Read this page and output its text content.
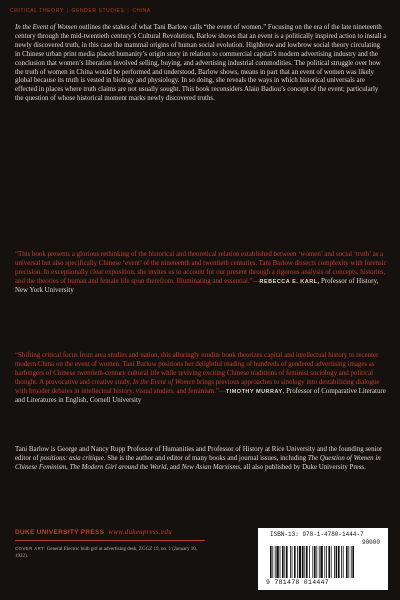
CRITICAL THEORY | GENDER STUDIES | CHINA

In the Event of Women outlines the stakes of what Tani Barlow calls “the event of women.” Focusing on the era of the late nineteenth century through the mid-twentieth century’s Cultural Revolution, Barlow shows that an event is a politically inspired action to install a newly discovered truth, in this case the mammal origins of human social evolution. Highbrow and lowbrow social theory circulating in Chinese urban print media placed humanity’s origin story in relation to commercial capital’s modern advertising industry and the conclusion that women’s liberation involved selling, buying, and advertising industrial commodities. The political struggle over how the truth of women in China would be performed and understood, Barlow shows, means in part that an event of women was likely global because its truth is vested in biology and physiology. In so doing, she reveals the ways in which historical universals are effected in places where truth claims are not usually sought. This book reconsiders Alain Badiou’s concept of the event; particularly the question of whose historical moment marks newly discovered truths.

“This book presents a glorious rethinking of the historical and theoretical relation established between ‘women’ and social ‘truth’ as a universal but also specifically Chinese ‘event’ of the nineteenth and twentieth centuries. Tani Barlow dissects complexity with forensic precision. In exceptionally clear exposition, she invites us to account for our present through a rigorous analysis of concepts, histories, and the theories of human and female life spun therefrom. Illuminating and essential.”—REBECCA E. KARL, Professor of History, New York University

“Shifting critical focus from area studies and nation, this alluringly erudite book theorizes capital and intellectual history to recenter modern China on the event of women. Tani Barlow positions her delightful reading of hundreds of gendered advertising images as harbingers of Chinese twentieth-century cultural life while reviving exciting Chinese traditions of feminist sociology and political thought. A provocative and creative study, In the Event of Women brings previous approaches to sinology into destabilizing dialogue with broader debates in intellectual history, visual studies, and feminism.”—TIMOTHY MURRAY, Professor of Comparative Literature and Literatures in English, Cornell University

Tani Barlow is George and Nancy Rupp Professor of Humanities and Professor of History at Rice University and the founding senior editor of positions: asia critique. She is the author and editor of many books and journal issues, including The Question of Women in Chinese Feminism, The Modern Girl around the World, and New Asian Marxisms, all also published by Duke University Press.

DUKE UNIVERSITY PRESS www.dukeupress.edu
COVER ART: General Electric bulb girl at advertising desk, ZGGZ 19, no. 1 (January 10, 1922).
ISBN-13: 978-1-4780-1444-7
90000
9 781478 014447
